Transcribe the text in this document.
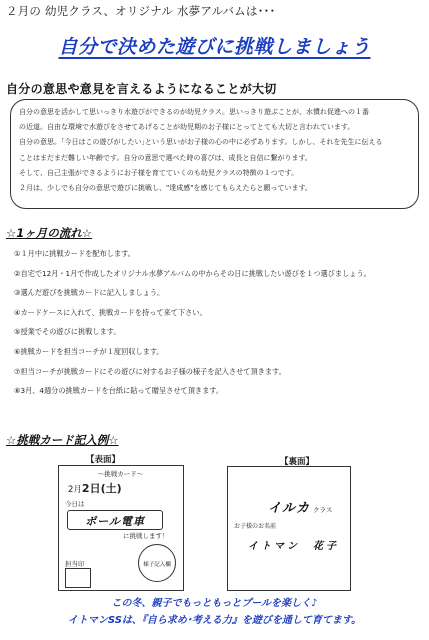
２月の 幼児クラス、オリジナル 水夢アルバムは･･･
自分で決めた遊びに挑戦しましょう
自分の意思や意見を言えるようになることが大切
自分の意思を活かして思いっきり水遊びができるのが幼児クラス。思いっきり遊ぶことが、水慣れ促進への１番
の近道。自由な環境で水遊びをさせてあげることが幼児期のお子様にとってとても大切と言われています。
自分の意思。｢今日はこの遊びがしたい｣という思いがお子様の心の中に必ずあります。しかし、それを先生に伝える
ことはまだまだ難しい年齢です。自分の意思で選べた時の喜びは、成長と自信に繋がります。
そして、自己主張ができるようにお子様を育てていくのも幼児クラスの特徴の１つです。
２月は、少しでも自分の意思で遊びに挑戦し、"達成感"を感じてもらえたらと願っています。
☆1ヶ月の流れ☆
①１月中に挑戦カードを配布します。
②自宅で12月・1月で作成したオリジナル水夢アルバムの中からその日に挑戦したい遊びを１つ選びましょう。
③選んだ遊びを挑戦カードに記入しましょう。
④カードケースに入れて、挑戦カードを持って来て下さい。
⑤授業でその遊びに挑戦します。
⑥挑戦カードを担当コーチが１度回収します。
⑦担当コーチが挑戦カードにその遊びに対するお子様の様子を記入させて頂きます。
⑧3月、4週分の挑戦カードを台紙に貼って贈呈させて頂きます。
☆挑戦カード記入例☆
【表面】	【裏面】
～挑戦カード～
2月2日(土)
今日は
ポール電車
に挑戦します！
担当印	様子記入欄
イルカ クラス
お子様のお名前
イトマン　花子
この冬、親子でもっともっとプールを楽しく♪
イトマンSSは、『自ら求め･考える力』を遊びを通して育てます。
